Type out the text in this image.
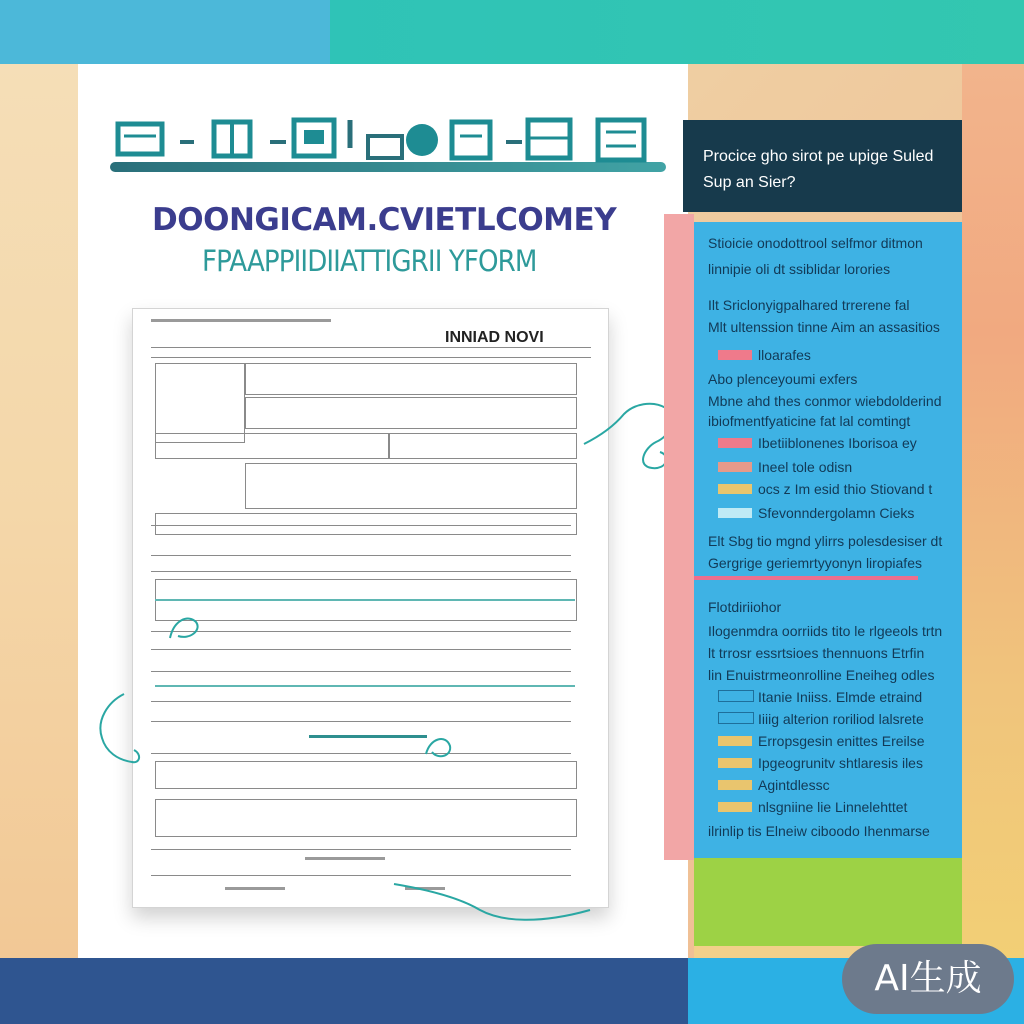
DOONGICAM.CVIETLCOMEY
FPAAPPIIDIIATTIGRII YFORM
INNIAD NOVI
Procice gho sirot pe upige Suled
Sup an Sier?
Stioicie onodottrool selfmor ditmon
linnipie oli dt ssiblidar lorories
Ilt Sriclonyigpalhared trrerene fal
Mlt ultenssion tinne Aim an assasitios
lloarafes
Abo plenceyoumi exfers
Mbne ahd thes conmor wiebdolderind
ibiofmentfyaticine fat lal comtingt
Ibetiiblonenes Iborisoa ey
Ineel tole odisn
ocs z Im esid thio Stiovand t
Sfevonndergolamn Cieks
Elt Sbg tio mgnd ylirrs polesdesiser dt
Gergrige geriemrtyyonyn liropiafes
Flotdiriiohor
Ilogenmdra oorriids tito le rlgeeols trtn
lt trrosr essrtsioes thennuons Etrfin
lin Enuistrmeonrolline Eneiheg odles
Itanie Iniiss. Elmde etraind
Iiiig alterion roriliod lalsrete
Erropsgesin enittes Ereilse
Ipgeogrunitv shtlaresis iles
Agintdlessc
nlsgniine lie Linnelehttet
ilrinlip tis Elneiw ciboodo Ihenmarse
AI生成
